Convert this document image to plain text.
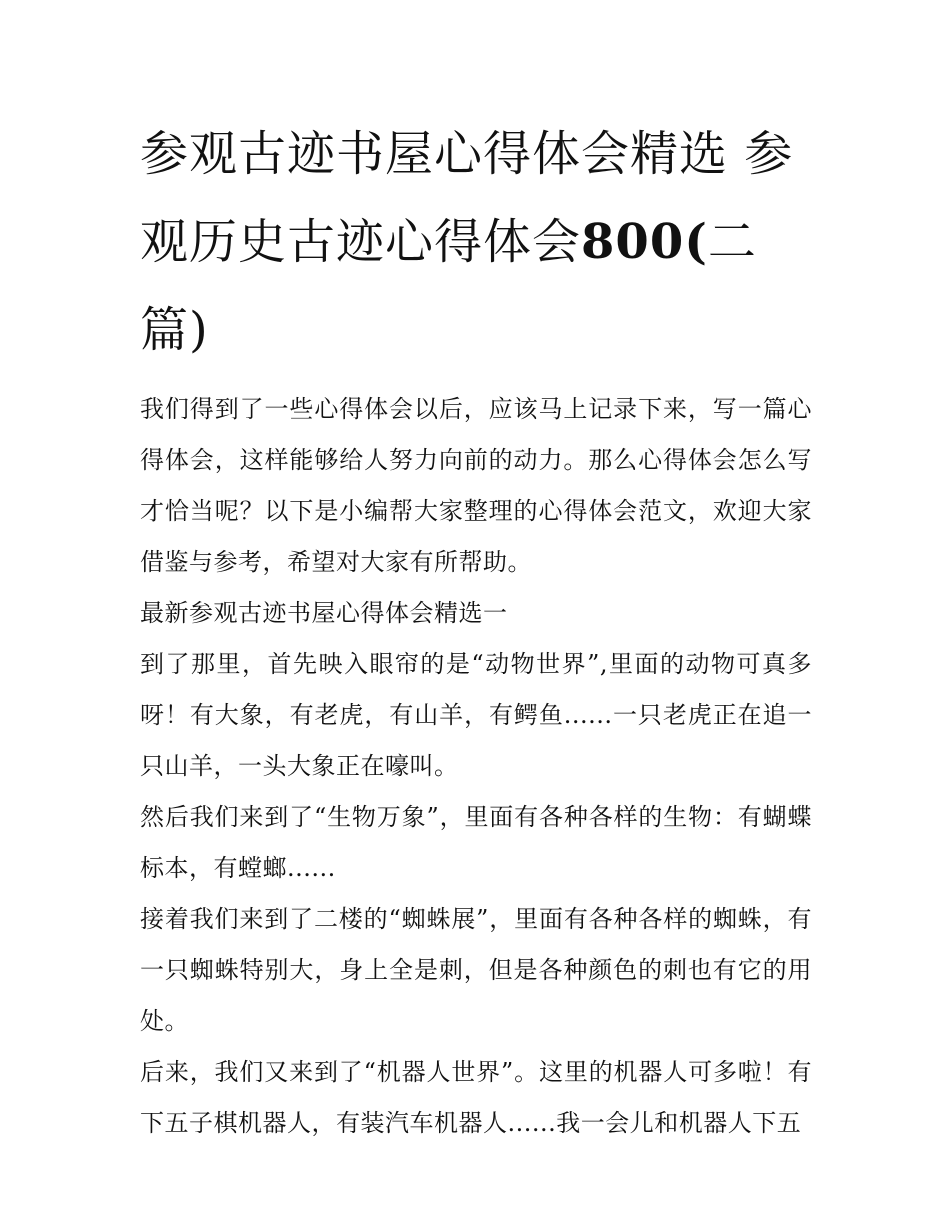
参观古迹书屋心得体会精选 参观历史古迹心得体会800(二篇)

我们得到了一些心得体会以后，应该马上记录下来，写一篇心得体会，这样能够给人努力向前的动力。那么心得体会怎么写才恰当呢？以下是小编帮大家整理的心得体会范文，欢迎大家借鉴与参考，希望对大家有所帮助。

最新参观古迹书屋心得体会精选一

到了那里，首先映入眼帘的是“动物世界”,里面的动物可真多呀！有大象，有老虎，有山羊，有鳄鱼......一只老虎正在追一只山羊，一头大象正在嚎叫。

然后我们来到了“生物万象”，里面有各种各样的生物：有蝴蝶标本，有螳螂......

接着我们来到了二楼的“蜘蛛展”，里面有各种各样的蜘蛛，有一只蜘蛛特别大，身上全是刺，但是各种颜色的刺也有它的用处。

后来，我们又来到了“机器人世界”。这里的机器人可多啦！有下五子棋机器人，有装汽车机器人......我一会儿和机器人下五
